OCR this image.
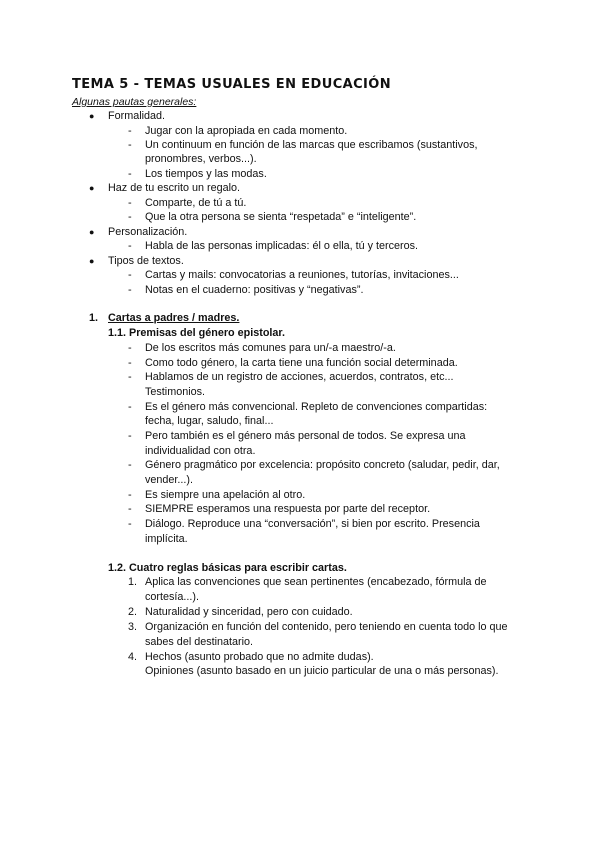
TEMA 5 - TEMAS USUALES EN EDUCACIÓN
Algunas pautas generales:
● Formalidad.
- Jugar con la apropiada en cada momento.
- Un continuum en función de las marcas que escribamos (sustantivos,
pronombres, verbos...).
- Los tiempos y las modas.
● Haz de tu escrito un regalo.
- Comparte, de tú a tú.
- Que la otra persona se sienta “respetada” e “inteligente”.
● Personalización.
- Habla de las personas implicadas: él o ella, tú y terceros.
● Tipos de textos.
- Cartas y mails: convocatorias a reuniones, tutorías, invitaciones...
- Notas en el cuaderno: positivas y “negativas”.
1. Cartas a padres / madres.
1.1. Premisas del género epistolar.
- De los escritos más comunes para un/-a maestro/-a.
- Como todo género, la carta tiene una función social determinada.
- Hablamos de un registro de acciones, acuerdos, contratos, etc...
Testimonios.
- Es el género más convencional. Repleto de convenciones compartidas:
fecha, lugar, saludo, final...
- Pero también es el género más personal de todos. Se expresa una
individualidad con otra.
- Género pragmático por excelencia: propósito concreto (saludar, pedir, dar,
vender...).
- Es siempre una apelación al otro.
- SIEMPRE esperamos una respuesta por parte del receptor.
- Diálogo. Reproduce una “conversación”, si bien por escrito. Presencia
implícita.
1.2. Cuatro reglas básicas para escribir cartas.
1. Aplica las convenciones que sean pertinentes (encabezado, fórmula de
cortesía...).
2. Naturalidad y sinceridad, pero con cuidado.
3. Organización en función del contenido, pero teniendo en cuenta todo lo que
sabes del destinatario.
4. Hechos (asunto probado que no admite dudas).
Opiniones (asunto basado en un juicio particular de una o más personas).
